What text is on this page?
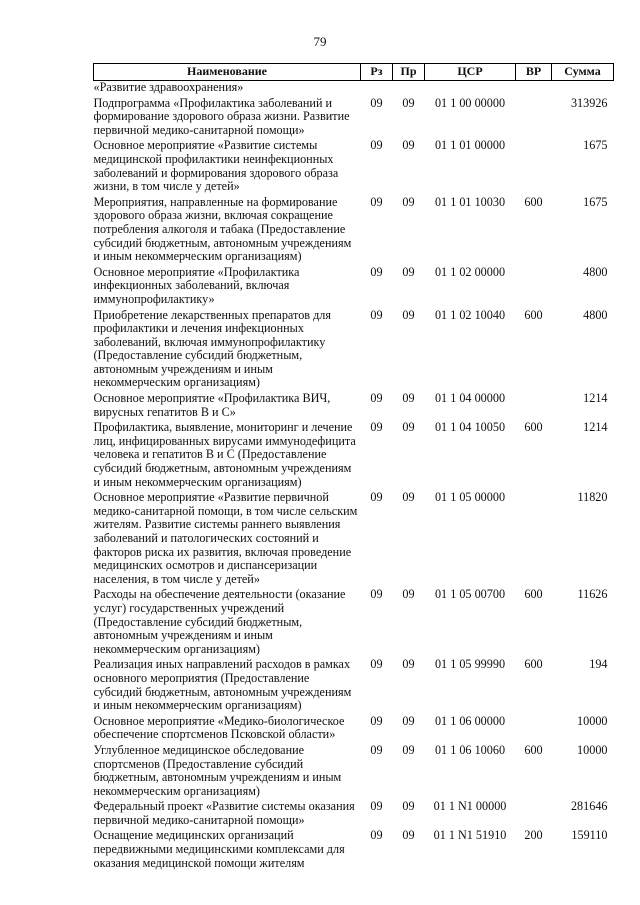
79
Наименование	Рз	Пр	ЦСР	ВР	Сумма
«Развитие здравоохранения»					
Подпрограмма «Профилактика заболеваний и формирование здорового образа жизни. Развитие первичной медико-санитарной помощи»	09	09	01 1 00 00000		313926
Основное мероприятие «Развитие системы медицинской профилактики неинфекционных заболеваний и формирования здорового образа жизни, в том числе у детей»	09	09	01 1 01 00000		1675
Мероприятия, направленные на формирование здорового образа жизни, включая сокращение потребления алкоголя и табака (Предоставление субсидий бюджетным, автономным учреждениям и иным некоммерческим организациям)	09	09	01 1 01 10030	600	1675
Основное мероприятие «Профилактика инфекционных заболеваний, включая иммунопрофилактику»	09	09	01 1 02 00000		4800
Приобретение лекарственных препаратов для профилактики и лечения инфекционных заболеваний, включая иммунопрофилактику (Предоставление субсидий бюджетным, автономным учреждениям и иным некоммерческим организациям)	09	09	01 1 02 10040	600	4800
Основное мероприятие «Профилактика ВИЧ, вирусных гепатитов В и С»	09	09	01 1 04 00000		1214
Профилактика, выявление, мониторинг и лечение лиц, инфицированных вирусами иммунодефицита человека и гепатитов В и С (Предоставление субсидий бюджетным, автономным учреждениям и иным некоммерческим организациям)	09	09	01 1 04 10050	600	1214
Основное мероприятие «Развитие первичной медико-санитарной помощи, в том числе сельским жителям. Развитие системы раннего выявления заболеваний и патологических состояний и факторов риска их развития, включая проведение медицинских осмотров и диспансеризации населения, в том числе у детей»	09	09	01 1 05 00000		11820
Расходы на обеспечение деятельности (оказание услуг) государственных учреждений (Предоставление субсидий бюджетным, автономным учреждениям и иным некоммерческим организациям)	09	09	01 1 05 00700	600	11626
Реализация иных направлений расходов в рамках основного мероприятия (Предоставление субсидий бюджетным, автономным учреждениям и иным некоммерческим организациям)	09	09	01 1 05 99990	600	194
Основное мероприятие «Медико-биологическое обеспечение спортсменов Псковской области»	09	09	01 1 06 00000		10000
Углубленное медицинское обследование спортсменов (Предоставление субсидий бюджетным, автономным учреждениям и иным некоммерческим организациям)	09	09	01 1 06 10060	600	10000
Федеральный проект «Развитие системы оказания первичной медико-санитарной помощи»	09	09	01 1 N1 00000		281646
Оснащение медицинских организаций передвижными медицинскими комплексами для оказания медицинской помощи жителям	09	09	01 1 N1 51910	200	159110
